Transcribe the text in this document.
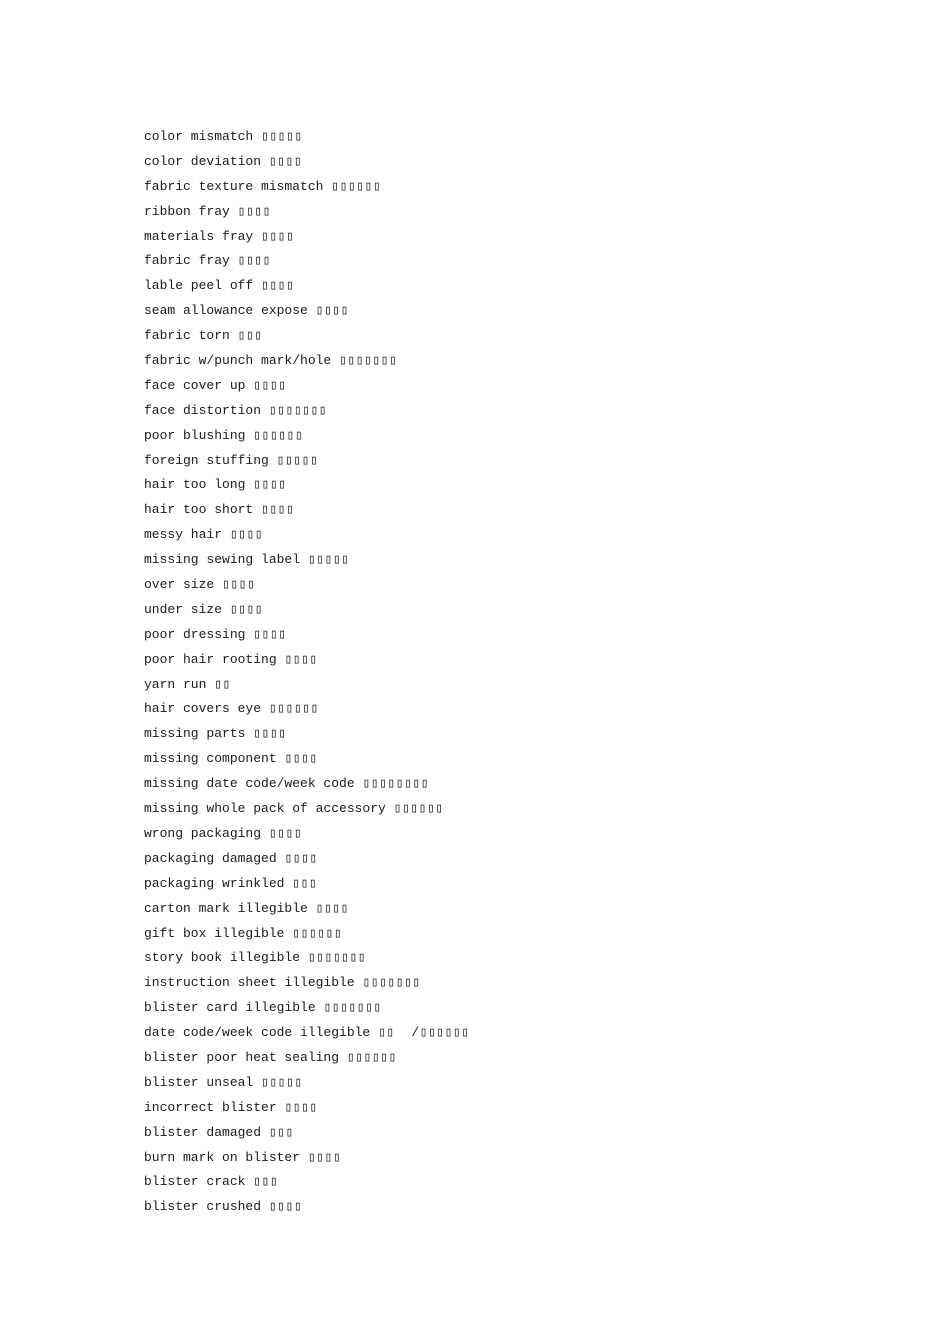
color mismatch ▯▯▯▯▯
color deviation ▯▯▯▯
fabric texture mismatch ▯▯▯▯▯▯
ribbon fray ▯▯▯▯
materials fray ▯▯▯▯
fabric fray ▯▯▯▯
lable peel off ▯▯▯▯
seam allowance expose ▯▯▯▯
fabric torn ▯▯▯
fabric w/punch mark/hole ▯▯▯▯▯▯▯
face cover up ▯▯▯▯
face distortion ▯▯▯▯▯▯▯
poor blushing ▯▯▯▯▯▯
foreign stuffing ▯▯▯▯▯
hair too long ▯▯▯▯
hair too short ▯▯▯▯
messy hair ▯▯▯▯
missing sewing label ▯▯▯▯▯
over size ▯▯▯▯
under size ▯▯▯▯
poor dressing ▯▯▯▯
poor hair rooting ▯▯▯▯
yarn run ▯▯
hair covers eye ▯▯▯▯▯▯
missing parts ▯▯▯▯
missing component ▯▯▯▯
missing date code/week code ▯▯▯▯▯▯▯▯
missing whole pack of accessory ▯▯▯▯▯▯
wrong packaging ▯▯▯▯
packaging damaged ▯▯▯▯
packaging wrinkled ▯▯▯
carton mark illegible ▯▯▯▯
gift box illegible ▯▯▯▯▯▯
story book illegible ▯▯▯▯▯▯▯
instruction sheet illegible ▯▯▯▯▯▯▯
blister card illegible ▯▯▯▯▯▯▯
date code/week code illegible ▯▯  /▯▯▯▯▯▯
blister poor heat sealing ▯▯▯▯▯▯
blister unseal ▯▯▯▯▯
incorrect blister ▯▯▯▯
blister damaged ▯▯▯
burn mark on blister ▯▯▯▯
blister crack ▯▯▯
blister crushed ▯▯▯▯
